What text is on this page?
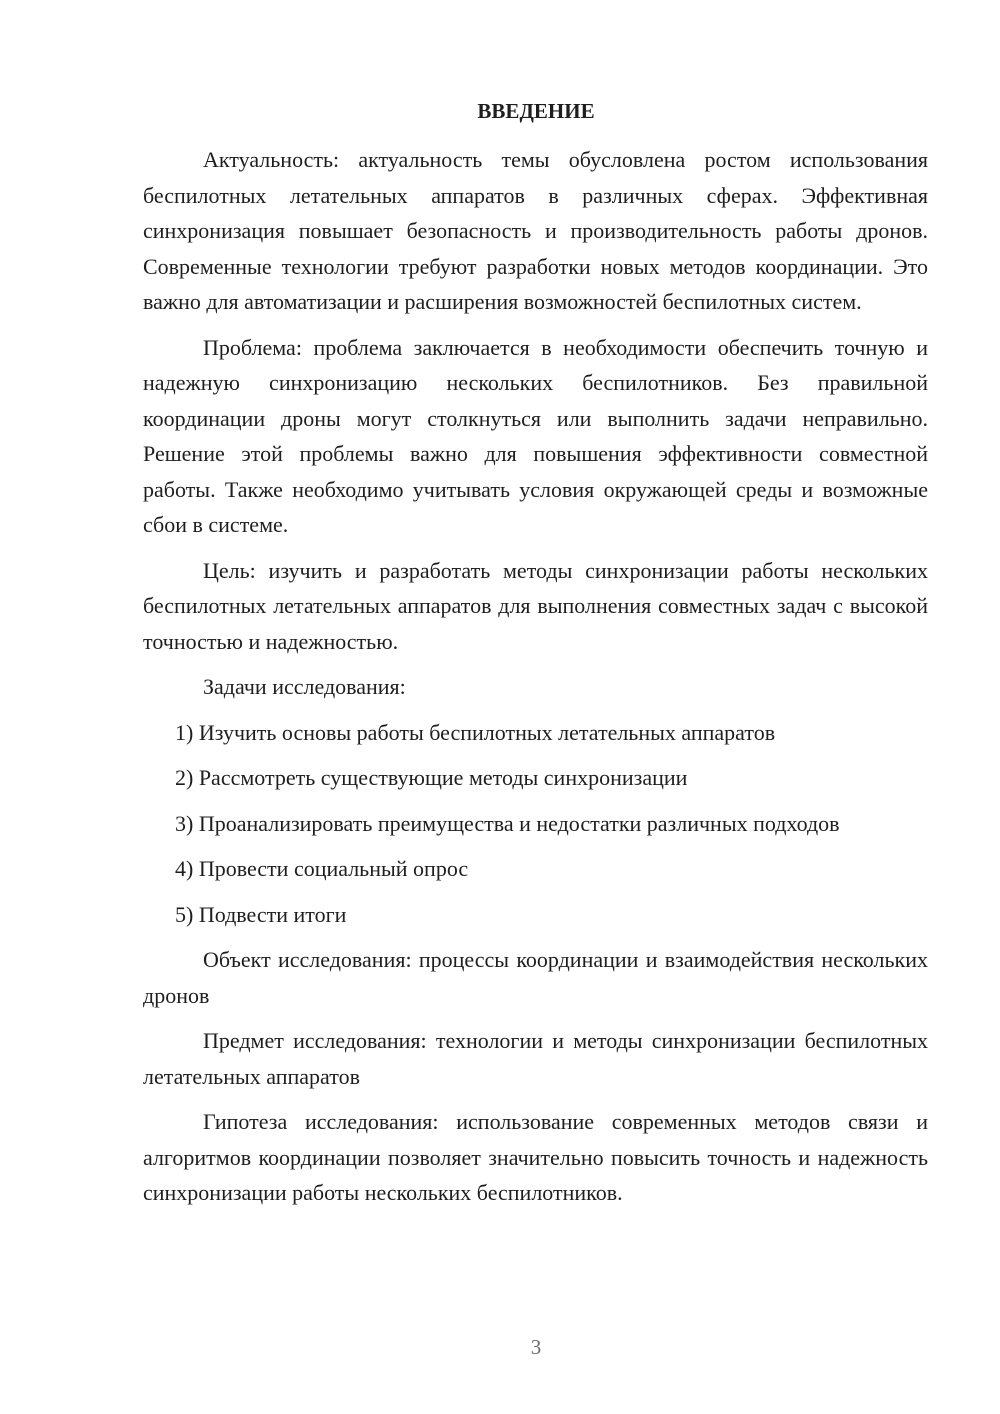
ВВЕДЕНИЕ

Актуальность: актуальность темы обусловлена ростом использования беспилотных летательных аппаратов в различных сферах. Эффективная синхронизация повышает безопасность и производительность работы дронов. Современные технологии требуют разработки новых методов координации. Это важно для автоматизации и расширения возможностей беспилотных систем.

Проблема: проблема заключается в необходимости обеспечить точную и надежную синхронизацию нескольких беспилотников. Без правильной координации дроны могут столкнуться или выполнить задачи неправильно. Решение этой проблемы важно для повышения эффективности совместной работы. Также необходимо учитывать условия окружающей среды и возможные сбои в системе.

Цель: изучить и разработать методы синхронизации работы нескольких беспилотных летательных аппаратов для выполнения совместных задач с высокой точностью и надежностью.

Задачи исследования:

1) Изучить основы работы беспилотных летательных аппаратов

2) Рассмотреть существующие методы синхронизации

3) Проанализировать преимущества и недостатки различных подходов

4) Провести социальный опрос

5) Подвести итоги

Объект исследования: процессы координации и взаимодействия нескольких дронов

Предмет исследования: технологии и методы синхронизации беспилотных летательных аппаратов

Гипотеза исследования: использование современных методов связи и алгоритмов координации позволяет значительно повысить точность и надежность синхронизации работы нескольких беспилотников.

3
